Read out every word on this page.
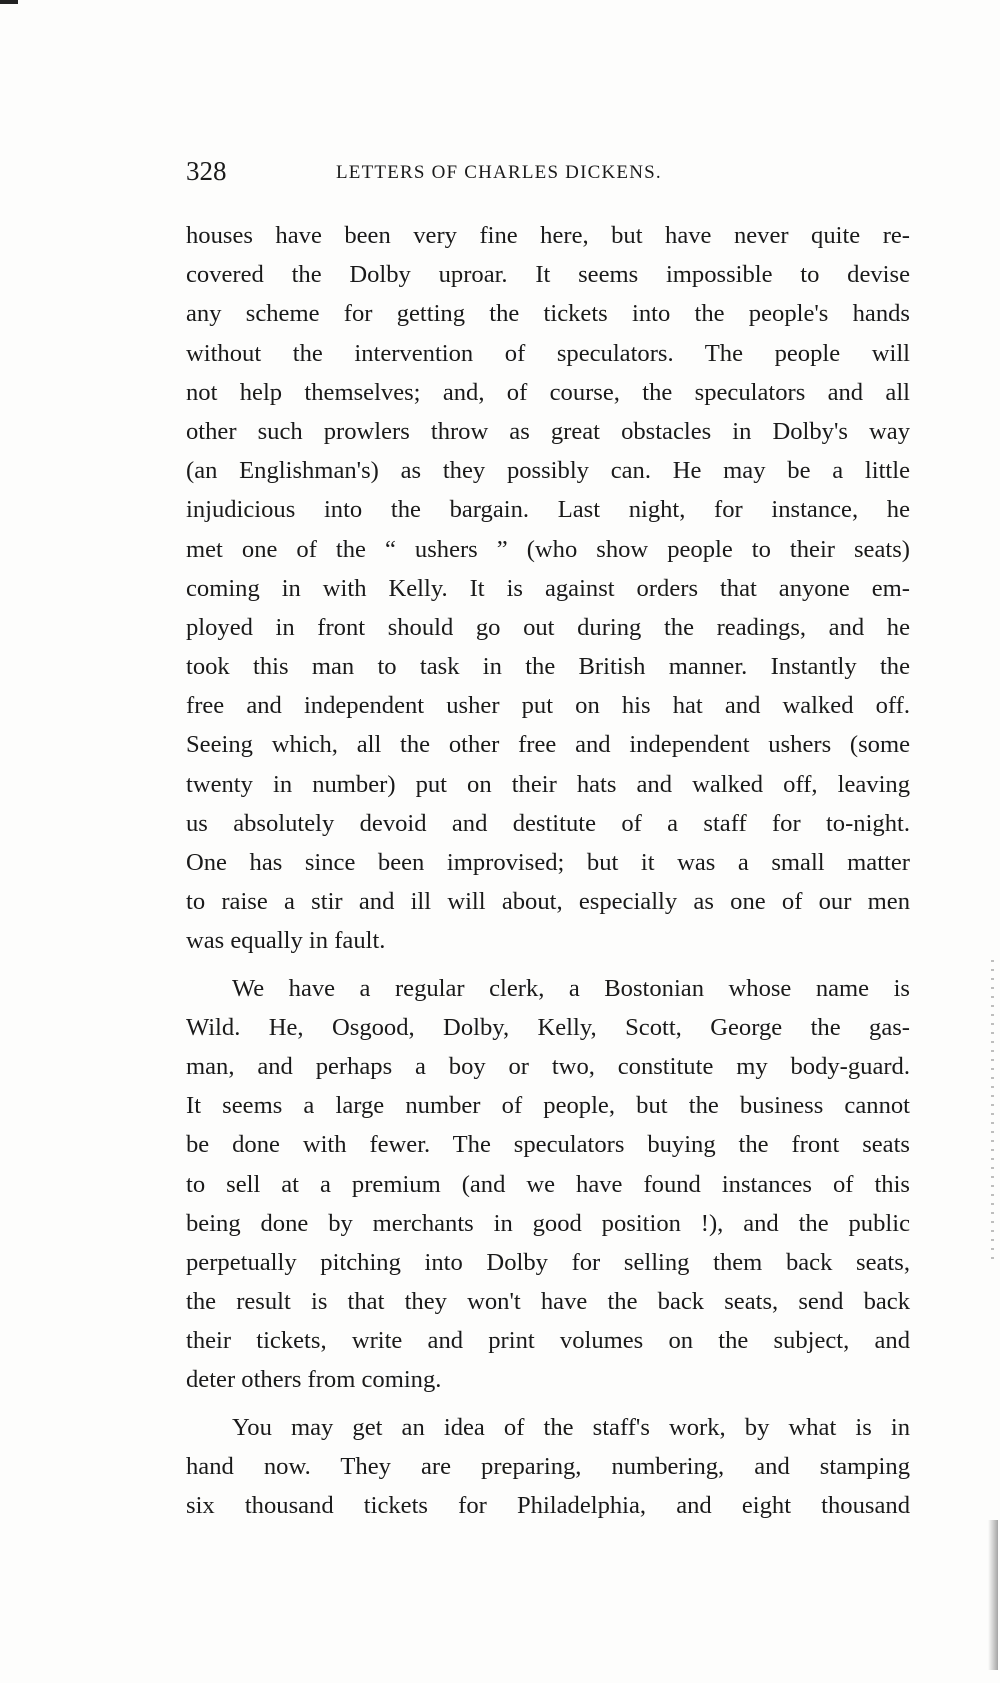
328	LETTERS OF CHARLES DICKENS.
houses have been very fine here, but have never quite re-
covered the Dolby uproar. It seems impossible to devise
any scheme for getting the tickets into the people's hands
without the intervention of speculators. The people will
not help themselves; and, of course, the speculators and all
other such prowlers throw as great obstacles in Dolby's way
(an Englishman's) as they possibly can. He may be a little
injudicious into the bargain. Last night, for instance, he
met one of the “ ushers ” (who show people to their seats)
coming in with Kelly. It is against orders that anyone em-
ployed in front should go out during the readings, and he
took this man to task in the British manner. Instantly the
free and independent usher put on his hat and walked off.
Seeing which, all the other free and independent ushers (some
twenty in number) put on their hats and walked off, leaving
us absolutely devoid and destitute of a staff for to-night.
One has since been improvised; but it was a small matter
to raise a stir and ill will about, especially as one of our men
was equally in fault.
We have a regular clerk, a Bostonian whose name is
Wild. He, Osgood, Dolby, Kelly, Scott, George the gas-
man, and perhaps a boy or two, constitute my body-guard.
It seems a large number of people, but the business cannot
be done with fewer. The speculators buying the front seats
to sell at a premium (and we have found instances of this
being done by merchants in good position !), and the public
perpetually pitching into Dolby for selling them back seats,
the result is that they won't have the back seats, send back
their tickets, write and print volumes on the subject, and
deter others from coming.
You may get an idea of the staff's work, by what is in
hand now. They are preparing, numbering, and stamping
six thousand tickets for Philadelphia, and eight thousand
